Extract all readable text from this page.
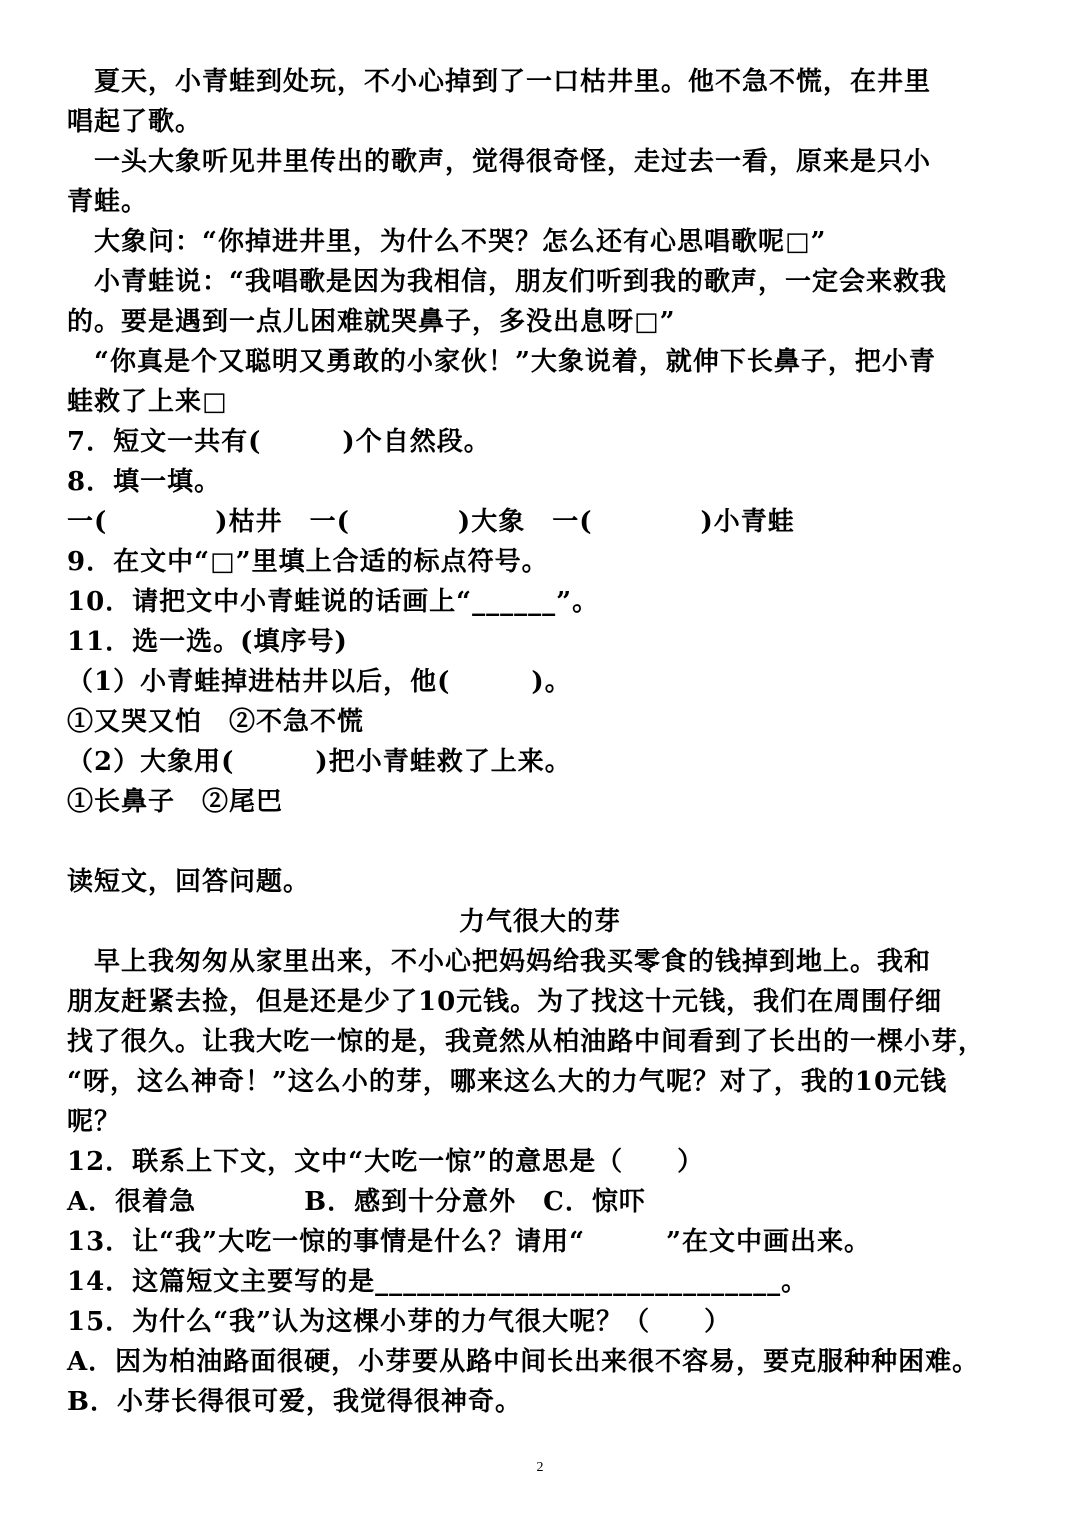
　夏天，小青蛙到处玩，不小心掉到了一口枯井里。他不急不慌，在井里
唱起了歌。
　一头大象听见井里传出的歌声，觉得很奇怪，走过去一看，原来是只小
青蛙。
　大象问：“你掉进井里，为什么不哭？怎么还有心思唱歌呢□”
　小青蛙说：“我唱歌是因为我相信，朋友们听到我的歌声，一定会来救我
的。要是遇到一点儿困难就哭鼻子，多没出息呀□”
　“你真是个又聪明又勇敢的小家伙！”大象说着，就伸下长鼻子，把小青
蛙救了上来□
7．短文一共有(　　　)个自然段。
8．填一填。
一(　　　　)枯井　一(　　　　)大象　一(　　　　)小青蛙
9．在文中“□”里填上合适的标点符号。
10．请把文中小青蛙说的话画上“______”。
11．选一选。(填序号)
（1）小青蛙掉进枯井以后，他(　　　)。
①又哭又怕　②不急不慌
（2）大象用(　　　)把小青蛙救了上来。
①长鼻子　②尾巴
读短文，回答问题。
力气很大的芽
　早上我匆匆从家里出来，不小心把妈妈给我买零食的钱掉到地上。我和
朋友赶紧去捡，但是还是少了10元钱。为了找这十元钱，我们在周围仔细
找了很久。让我大吃一惊的是，我竟然从柏油路中间看到了长出的一棵小芽，
“呀，这么神奇！”这么小的芽，哪来这么大的力气呢？对了，我的10元钱
呢？
12．联系上下文，文中“大吃一惊”的意思是（　　）
A．很着急　　　　B．感到十分意外　C．惊吓
13．让“我”大吃一惊的事情是什么？请用“　　　”在文中画出来。
14．这篇短文主要写的是_____________________________。
15．为什么“我”认为这棵小芽的力气很大呢？（　　）
A．因为柏油路面很硬，小芽要从路中间长出来很不容易，要克服种种困难。
B．小芽长得很可爱，我觉得很神奇。
2
